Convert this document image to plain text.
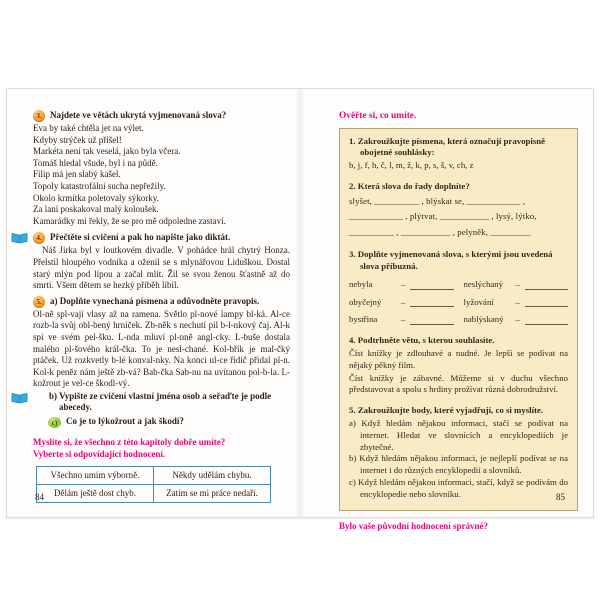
3. Najdete ve větách ukrytá vyjmenovaná slova?
Eva by také chtěla jet na výlet.
Kdyby strýček už přišel!
Markéta není tak veselá, jako byla včera.
Tomáš hledal všude, byl i na půdě.
Filip má jen slabý kašel.
Topoly katastrofální sucha nepřežily.
Okolo krmítka poletovaly sýkorky.
Za laní poskakoval malý koloušek.
Kamarádky mi řekly, že se pro mě odpoledne zastaví.
4. Přečtěte si cvičení a pak ho napište jako diktát.

Náš Jirka byl v loutkovém divadle. V pohádce hrál chytrý Honza. Přelstil hloupého vodníka a oženil se s mlynářovou Liduškou. Dostal starý mlýn pod lípou a začal mlít. Žil se svou ženou šťastně až do smrti. Všem dětem se hezký příběh líbil.

5. a) Doplňte vynechaná písmena a odůvodněte pravopis.

Ol-ně spl-vají vlasy až na ramena. Světlo pl-nové lampy bl-ká. Al-ce rozb-la svůj obl-bený hrníček. Zb-něk s nechutí pil b-l-nkový čaj. Al-k spí ve svém pel-šku. L-nda mluví pl-nně angl-cky. L-buše dostala malého pl-šového král-čka. To je nesl-chané. Kol-břík je mal-čký ptáček. Už rozkvetly b-lé konval-nky. Na konci ul-ce řidič přidal pl-n. Kol-k peněz nám ještě zb-vá? Bab-čka Sab-nu na uvítanou pol-b-la. L-kožrout je vel-ce škodl-vý.

b) Vypište ze cvičení vlastní jména osob a seřaďte je podle abecedy.
c) Co je to lýkožrout a jak škodí?
Myslíte si, že všechno z této kapitoly dobře umíte?
Vyberte si odpovídající hodnocení.
Všechno umím výborně.	Někdy udělám chybu.
Dělám ještě dost chyb.	Zatím se mi práce nedaří.
84
Ověřte si, co umíte.

1. Zakroužkujte písmena, která označují pravopisně obojetné souhlásky:

b, j, f, h, č, l, m, ž, k, p, s, š, v, ch, z

2. Která slova do řady doplníte?

slyšet, __________ , blýskat se, ____________ ,
____________ , plýtvat, ___________ , lysý, lýtko,
__________ , ___________ , pelyněk, _________

3. Doplňte vyjmenovaná slova, s kterými jsou uvedená slova příbuzná.

nebyla	–	neslýchaný	–
obyčejný	–	lyžování	–
bystřina	–	nablýskaný	–

4. Podtrhněte větu, s kterou souhlasíte.

Číst knížky je zdlouhavé a nudné. Je lepší se podívat na nějaký pěkný film.

Číst knížky je zábavné. Můžeme si v duchu všechno představovat a spolu s hrdiny prožívat různá dobrodružství.

5. Zakroužkujte body, které vyjadřují, co si myslíte.

a) Když hledám nějakou informaci, stačí se podívat na internet. Hledat ve slovnících a encyklopediích je zbytečné.

b) Když hledám nějakou informaci, je nejlepší podívat se na internet i do různých encyklopedií a slovníků.

c) Když hledám nějakou informaci, stačí, když se podívám do encyklopedie nebo slovníku.

Bylo vaše původní hodnocení správné?
85
